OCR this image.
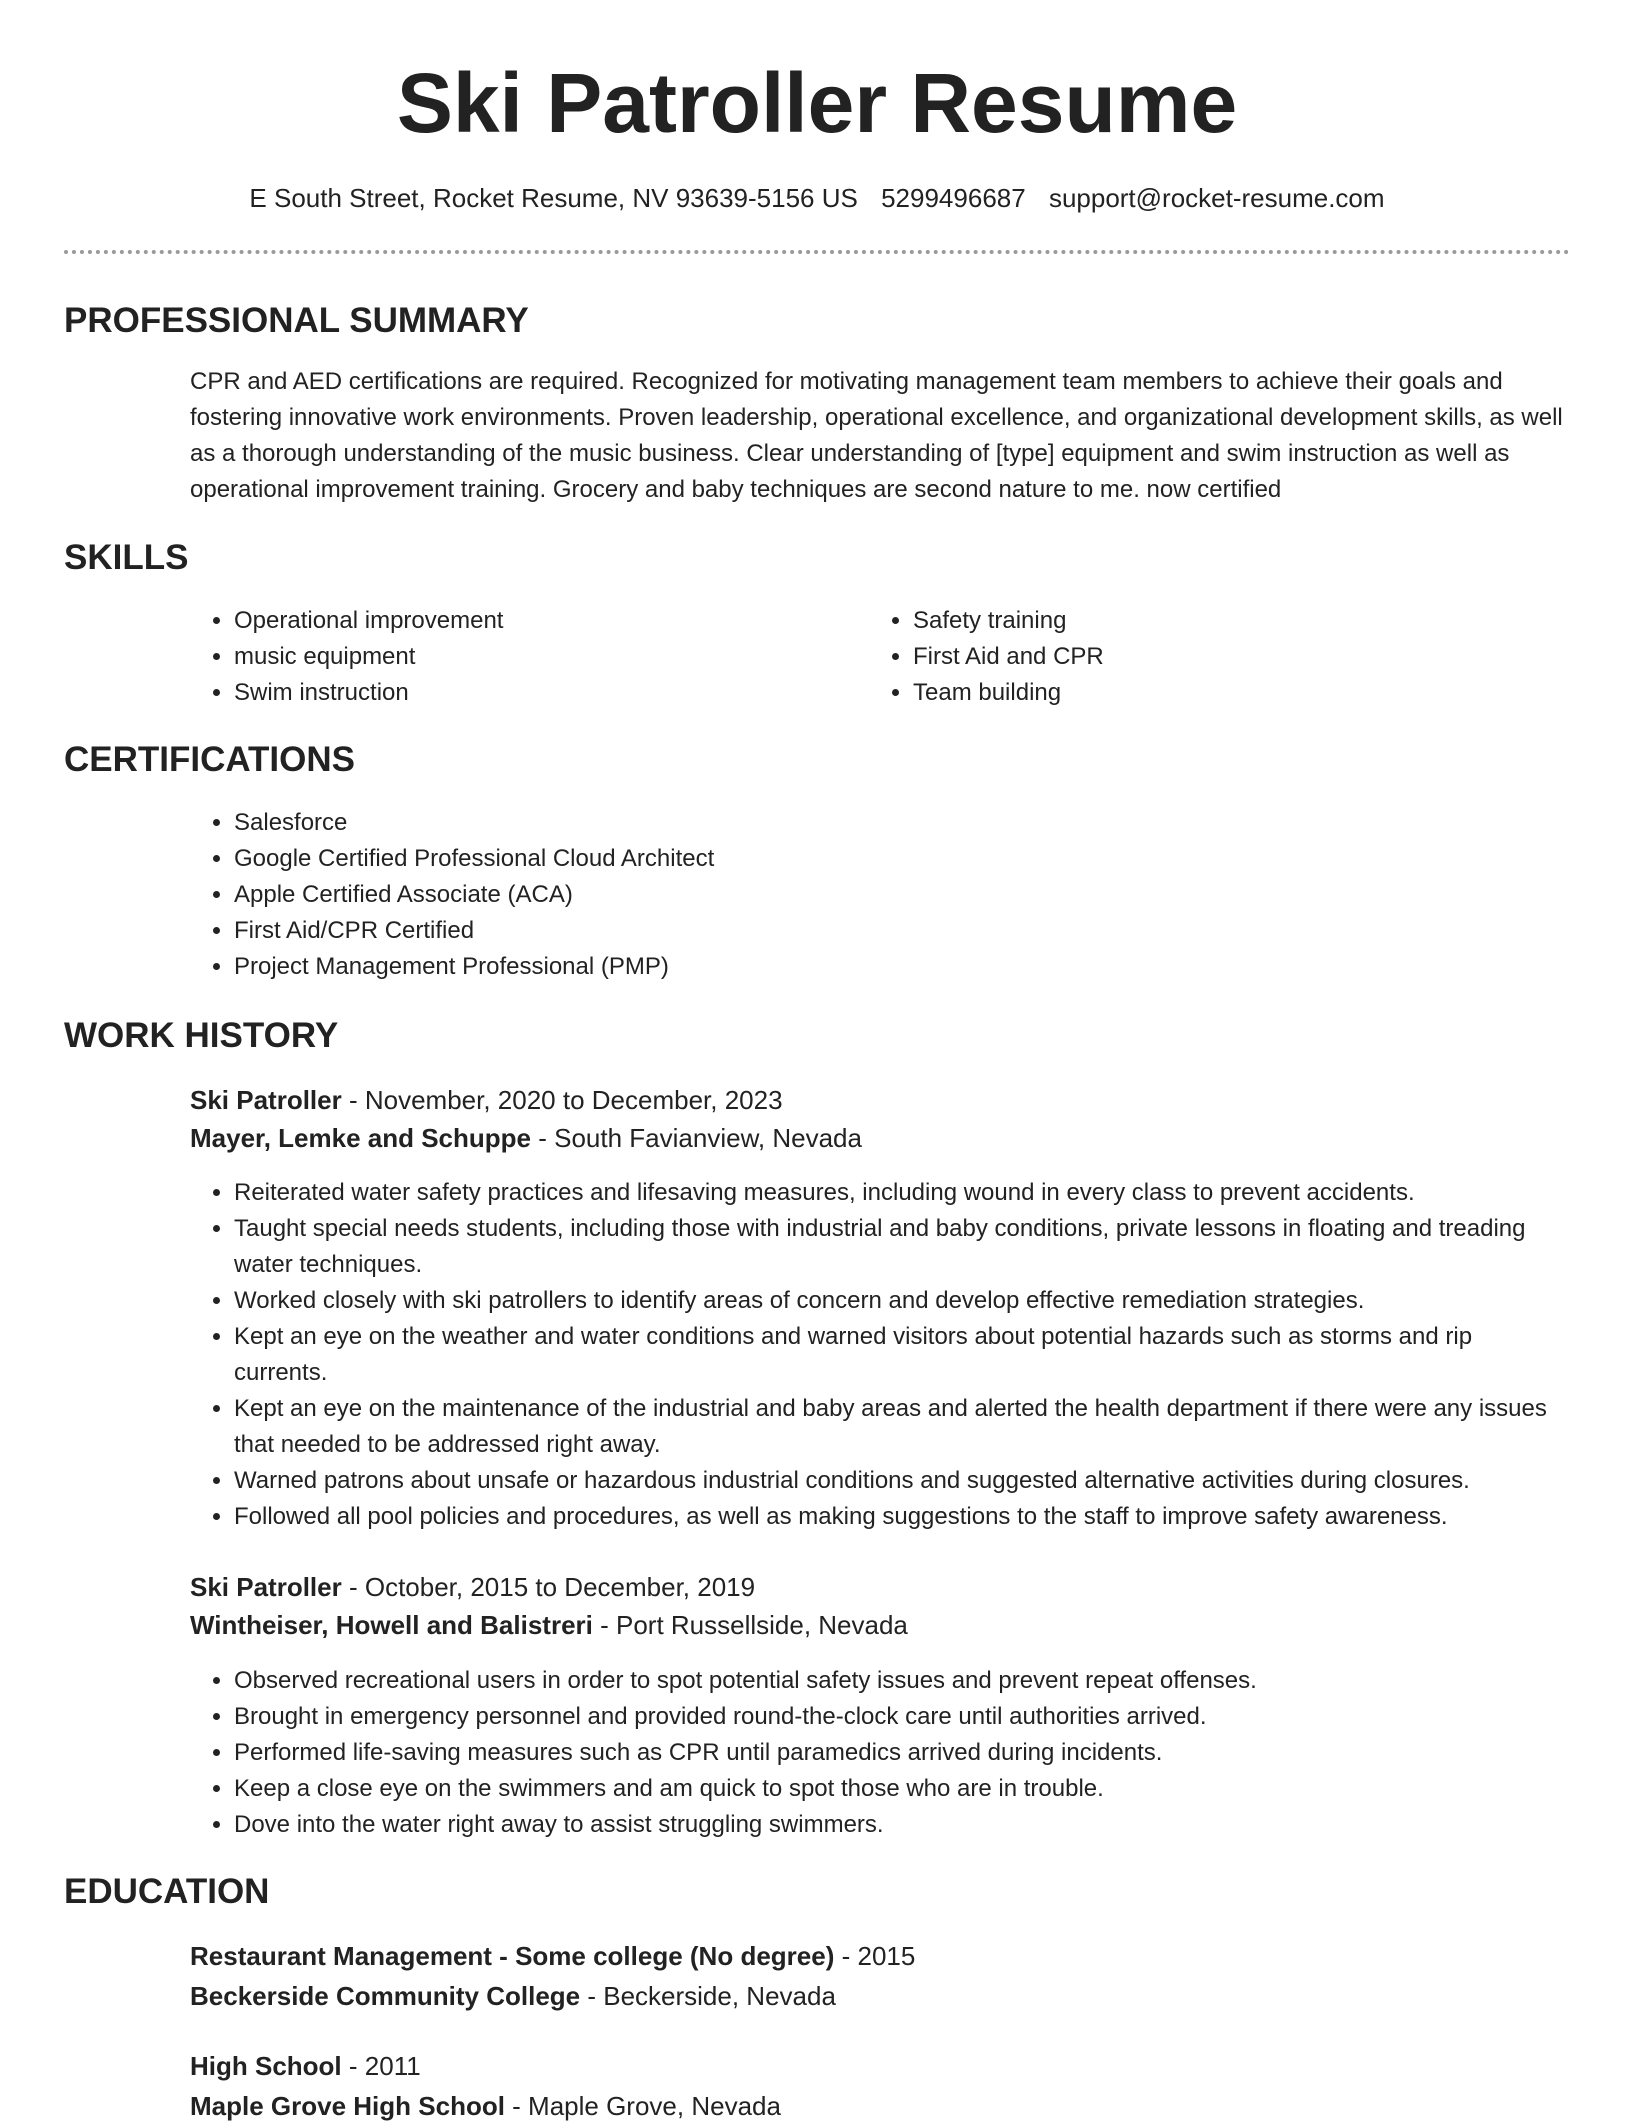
Ski Patroller Resume
E South Street, Rocket Resume, NV 93639-5156 US 5299496687 support@rocket-resume.com
PROFESSIONAL SUMMARY

CPR and AED certifications are required. Recognized for motivating management team members to achieve their goals and fostering innovative work environments. Proven leadership, operational excellence, and organizational development skills, as well as a thorough understanding of the music business. Clear understanding of [type] equipment and swim instruction as well as operational improvement training. Grocery and baby techniques are second nature to me. now certified

SKILLS
• Operational improvement
• music equipment
• Swim instruction
• Safety training
• First Aid and CPR
• Team building
CERTIFICATIONS
• Salesforce
• Google Certified Professional Cloud Architect
• Apple Certified Associate (ACA)
• First Aid/CPR Certified
• Project Management Professional (PMP)
WORK HISTORY
Ski Patroller - November, 2020 to December, 2023
Mayer, Lemke and Schuppe - South Favianview, Nevada
• Reiterated water safety practices and lifesaving measures, including wound in every class to prevent accidents.
• Taught special needs students, including those with industrial and baby conditions, private lessons in floating and treading water techniques.
• Worked closely with ski patrollers to identify areas of concern and develop effective remediation strategies.
• Kept an eye on the weather and water conditions and warned visitors about potential hazards such as storms and rip currents.
• Kept an eye on the maintenance of the industrial and baby areas and alerted the health department if there were any issues that needed to be addressed right away.
• Warned patrons about unsafe or hazardous industrial conditions and suggested alternative activities during closures.
• Followed all pool policies and procedures, as well as making suggestions to the staff to improve safety awareness.
Ski Patroller - October, 2015 to December, 2019
Wintheiser, Howell and Balistreri - Port Russellside, Nevada
• Observed recreational users in order to spot potential safety issues and prevent repeat offenses.
• Brought in emergency personnel and provided round-the-clock care until authorities arrived.
• Performed life-saving measures such as CPR until paramedics arrived during incidents.
• Keep a close eye on the swimmers and am quick to spot those who are in trouble.
• Dove into the water right away to assist struggling swimmers.
EDUCATION
Restaurant Management - Some college (No degree) - 2015
Beckerside Community College - Beckerside, Nevada
High School - 2011
Maple Grove High School - Maple Grove, Nevada
